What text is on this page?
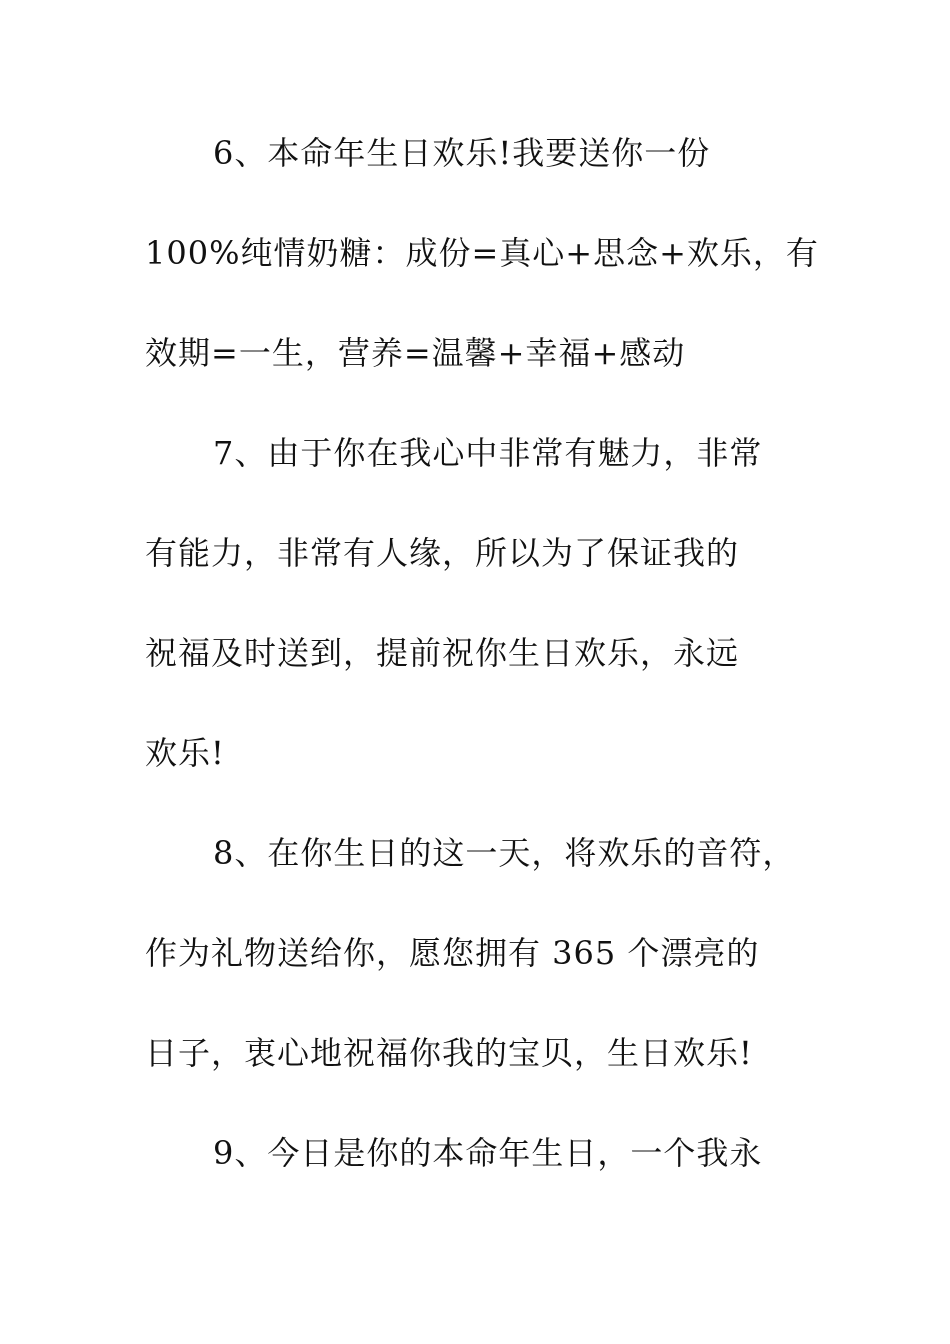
6、本命年生日欢乐!我要送你一份
100%纯情奶糖：成份=真心+思念+欢乐，有
效期=一生，营养=温馨+幸福+感动
7、由于你在我心中非常有魅力，非常
有能力，非常有人缘，所以为了保证我的
祝福及时送到，提前祝你生日欢乐，永远
欢乐!
8、在你生日的这一天，将欢乐的音符，
作为礼物送给你，愿您拥有 365 个漂亮的
日子，衷心地祝福你我的宝贝，生日欢乐!
9、今日是你的本命年生日，一个我永
